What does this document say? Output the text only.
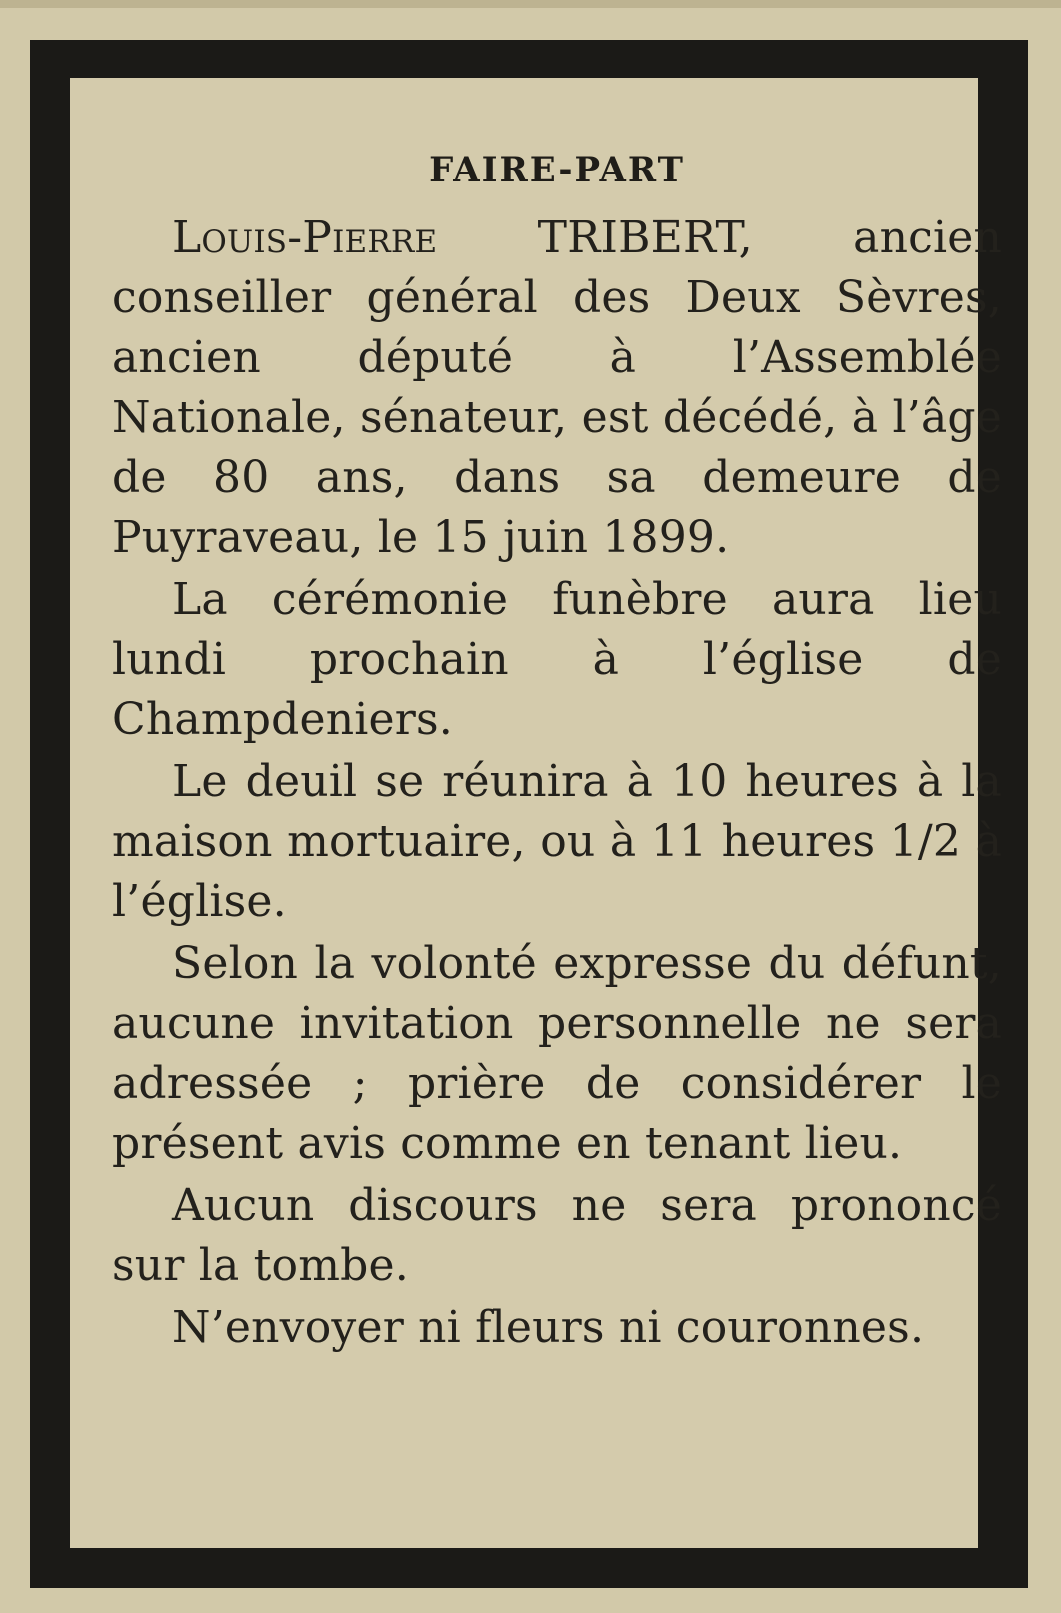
FAIRE-PART

Louis-Pierre TRIBERT, ancien conseiller général des Deux Sèvres, ancien député à l’Assemblée Nationale, sénateur, est décédé, à l’âge de 80 ans, dans sa demeure de Puyraveau, le 15 juin 1899.

La cérémonie funèbre aura lieu lundi prochain à l’église de Champdeniers.

Le deuil se réunira à 10 heures à la maison mortuaire, ou à 11 heures 1/2 à l’église.

Selon la volonté expresse du défunt, aucune invitation personnelle ne sera adressée ; prière de considérer le présent avis comme en tenant lieu.

Aucun discours ne sera prononcé sur la tombe.

N’envoyer ni fleurs ni couronnes.
